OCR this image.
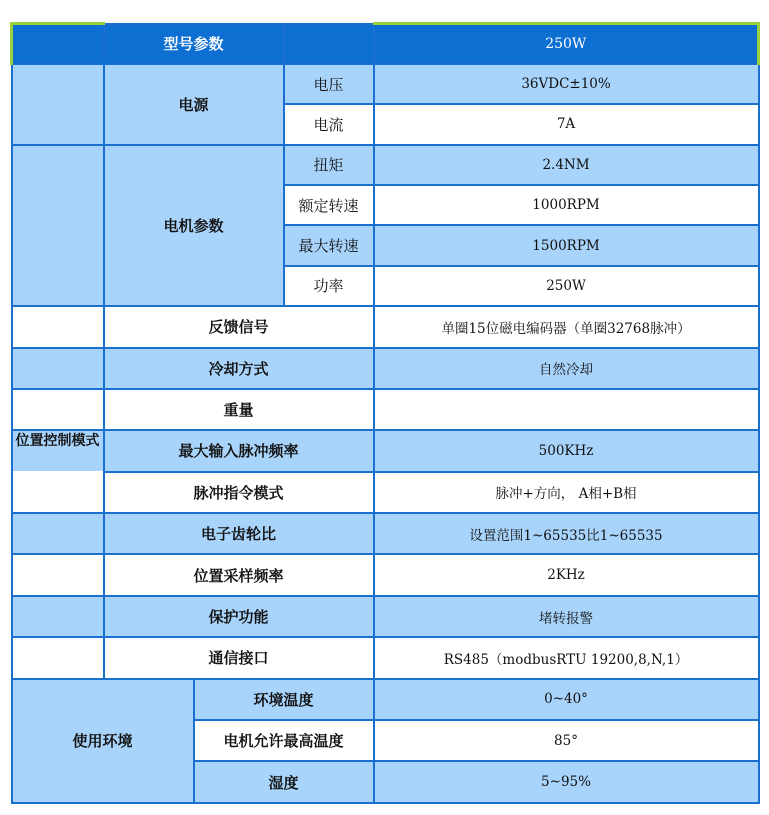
	型号参数			250W
	电源		电压	36VDC±10%
			电流	7A
	电机参数		扭矩	2.4NM
			额定转速	1000RPM
			最大转速	1500RPM
			功率	250W
	反馈信号			单圈15位磁电编码器（单圈32768脉冲）
	冷却方式			自然冷却
	重量			
位置控制模式	最大输入脉冲频率			500KHz
	脉冲指令模式			脉冲+方向， A相+B相
	电子齿轮比			设置范围1~65535比1~65535
	位置采样频率			2KHz
	保护功能			堵转报警
	通信接口			RS485（modbusRTU 19200,8,N,1）
使用环境		环境温度		0~40°
		电机允许最高温度		85°
		湿度		5~95%
